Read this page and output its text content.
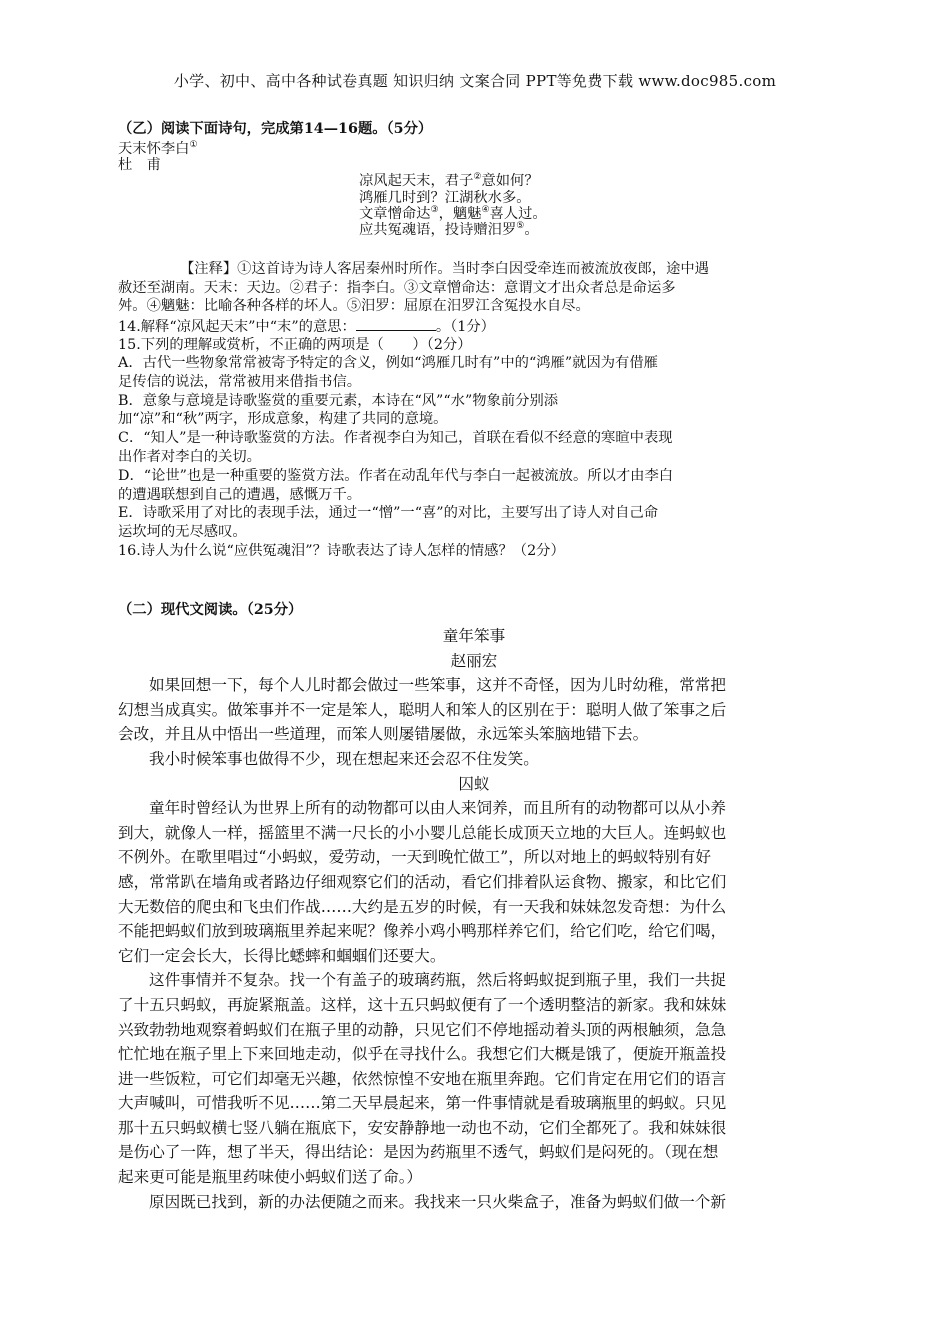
小学、初中、高中各种试卷真题 知识归纳 文案合同 PPT等免费下载 www.doc985.com

（乙）阅读下面诗句，完成第14—16题。（5分）

天末怀李白①

杜　甫

凉风起天末，君子②意如何？

鸿雁几时到？江湖秋水多。

文章憎命达③，魑魅④喜人过。

应共冤魂语，投诗赠汨罗⑤。

【注释】①这首诗为诗人客居秦州时所作。当时李白因受牵连而被流放夜郎，途中遇

赦还至湖南。天末：天边。②君子：指李白。③文章憎命达：意谓文才出众者总是命运多

舛。④魑魅：比喻各种各样的坏人。⑤汨罗：屈原在汨罗江含冤投水自尽。

14.解释“凉风起天末”中“末”的意思：	。（1分）

15.下列的理解或赏析，不正确的两项是（　　）（2分）

A．古代一些物象常常被寄予特定的含义，例如“鸿雁几时有”中的“鸿雁”就因为有借雁

足传信的说法，常常被用来借指书信。

B．意象与意境是诗歌鉴赏的重要元素，本诗在“风”“水”物象前分别添

加“凉”和“秋”两字，形成意象，构建了共同的意境。

C．“知人”是一种诗歌鉴赏的方法。作者视李白为知己，首联在看似不经意的寒暄中表现

出作者对李白的关切。

D．“论世”也是一种重要的鉴赏方法。作者在动乱年代与李白一起被流放。所以才由李白

的遭遇联想到自己的遭遇，感慨万千。

E．诗歌采用了对比的表现手法，通过一“憎”一“喜”的对比，主要写出了诗人对自己命

运坎坷的无尽感叹。

16.诗人为什么说“应供冤魂泪”？诗歌表达了诗人怎样的情感？（2分）

（二）现代文阅读。（25分）

童年笨事

赵丽宏

如果回想一下，每个人儿时都会做过一些笨事，这并不奇怪，因为儿时幼稚，常常把

幻想当成真实。做笨事并不一定是笨人，聪明人和笨人的区别在于：聪明人做了笨事之后

会改，并且从中悟出一些道理，而笨人则屡错屡做，永远笨头笨脑地错下去。

我小时候笨事也做得不少，现在想起来还会忍不住发笑。

囚蚁

童年时曾经认为世界上所有的动物都可以由人来饲养，而且所有的动物都可以从小养

到大，就像人一样，摇篮里不满一尺长的小小婴儿总能长成顶天立地的大巨人。连蚂蚁也

不例外。在歌里唱过“小蚂蚁，爱劳动，一天到晚忙做工”，所以对地上的蚂蚁特别有好

感，常常趴在墙角或者路边仔细观察它们的活动，看它们排着队运食物、搬家，和比它们

大无数倍的爬虫和飞虫们作战……大约是五岁的时候，有一天我和妹妹忽发奇想：为什么

不能把蚂蚁们放到玻璃瓶里养起来呢？像养小鸡小鸭那样养它们，给它们吃，给它们喝，

它们一定会长大，长得比蟋蟀和蝈蝈们还要大。

这件事情并不复杂。找一个有盖子的玻璃药瓶，然后将蚂蚁捉到瓶子里，我们一共捉

了十五只蚂蚁，再旋紧瓶盖。这样，这十五只蚂蚁便有了一个透明整洁的新家。我和妹妹

兴致勃勃地观察着蚂蚁们在瓶子里的动静，只见它们不停地摇动着头顶的两根触须，急急

忙忙地在瓶子里上下来回地走动，似乎在寻找什么。我想它们大概是饿了，便旋开瓶盖投

进一些饭粒，可它们却毫无兴趣，依然惊惶不安地在瓶里奔跑。它们肯定在用它们的语言

大声喊叫，可惜我听不见……第二天早晨起来，第一件事情就是看玻璃瓶里的蚂蚁。只见

那十五只蚂蚁横七竖八躺在瓶底下，安安静静地一动也不动，它们全都死了。我和妹妹很

是伤心了一阵，想了半天，得出结论：是因为药瓶里不透气，蚂蚁们是闷死的。（现在想

起来更可能是瓶里药味使小蚂蚁们送了命。）

原因既已找到，新的办法便随之而来。我找来一只火柴盒子，准备为蚂蚁们做一个新
